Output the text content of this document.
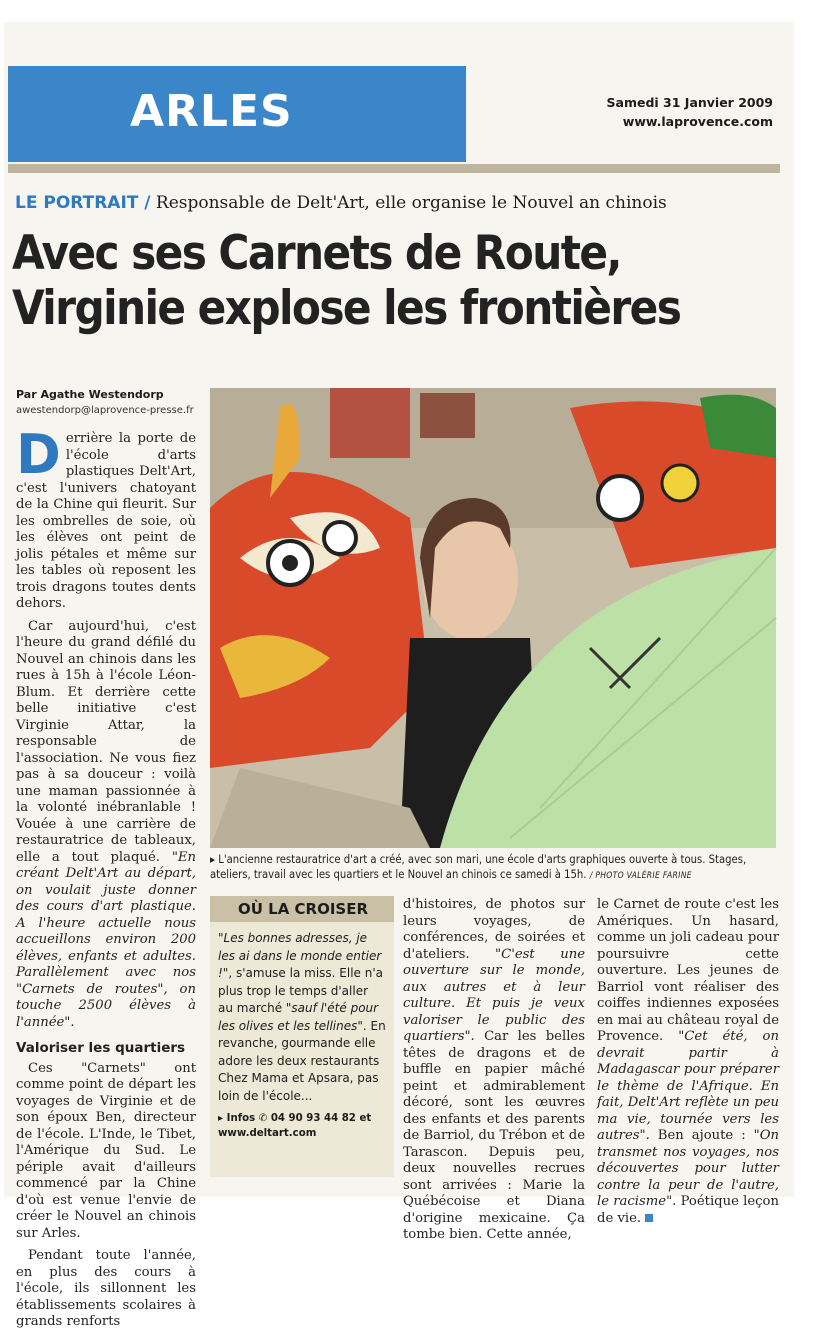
ARLES	Samedi 31 Janvier 2009
www.laprovence.com
LE PORTRAIT / Responsable de Delt'Art, elle organise le Nouvel an chinois
Avec ses Carnets de Route,
Virginie explose les frontières
Par Agathe Westendorp
awestendorp@laprovence-presse.fr

Derrière la porte de l'école d'arts plastiques Delt'Art, c'est l'univers chatoyant de la Chine qui fleurit. Sur les ombrelles de soie, où les élèves ont peint de jolis pétales et même sur les tables où reposent les trois dragons toutes dents dehors.

Car aujourd'hui, c'est l'heure du grand défilé du Nouvel an chinois dans les rues à 15h à l'école Léon-Blum. Et derrière cette belle initiative c'est Virginie Attar, la responsable de l'association. Ne vous fiez pas à sa douceur : voilà une maman passionnée à la volonté inébranlable ! Vouée à une carrière de restauratrice de tableaux, elle a tout plaqué. "En créant Delt'Art au départ, on voulait juste donner des cours d'art plastique. A l'heure actuelle nous accueillons environ 200 élèves, enfants et adultes. Parallèlement avec nos "Carnets de routes", on touche 2500 élèves à l'année".

Valoriser les quartiers

Ces "Carnets" ont comme point de départ les voyages de Virginie et de son époux Ben, directeur de l'école. L'Inde, le Tibet, l'Amérique du Sud. Le périple avait d'ailleurs commencé par la Chine d'où est venue l'envie de créer le Nouvel an chinois sur Arles.

Pendant toute l'année, en plus des cours à l'école, ils sillonnent les établissements scolaires à grands renforts

▸ L'ancienne restauratrice d'art a créé, avec son mari, une école d'arts graphiques ouverte à tous. Stages, ateliers, travail avec les quartiers et le Nouvel an chinois ce samedi à 15h. / PHOTO VALÉRIE FARINE
OÙ LA CROISER
"Les bonnes adresses, je les ai dans le monde entier !", s'amuse la miss. Elle n'a plus trop le temps d'aller au marché "sauf l'été pour les olives et les tellines". En revanche, gourmande elle adore les deux restaurants Chez Mama et Apsara, pas loin de l'école...
▸ Infos ✆ 04 90 93 44 82 et www.deltart.com

d'histoires, de photos sur leurs voyages, de conférences, de soirées et d'ateliers. "C'est une ouverture sur le monde, aux autres et à leur culture. Et puis je veux valoriser le public des quartiers". Car les belles têtes de dragons et de buffle en papier mâché peint et admirablement décoré, sont les œuvres des enfants et des parents de Barriol, du Trébon et de Tarascon. Depuis peu, deux nouvelles recrues sont arrivées : Marie la Québécoise et Diana d'origine mexicaine. Ça tombe bien. Cette année,

le Carnet de route c'est les Amériques. Un hasard, comme un joli cadeau pour poursuivre cette ouverture. Les jeunes de Barriol vont réaliser des coiffes indiennes exposées en mai au château royal de Provence. "Cet été, on devrait partir à Madagascar pour préparer le thème de l'Afrique. En fait, Delt'Art reflète un peu ma vie, tournée vers les autres". Ben ajoute : "On transmet nos voyages, nos découvertes pour lutter contre la peur de l'autre, le racisme". Poétique leçon de vie.
